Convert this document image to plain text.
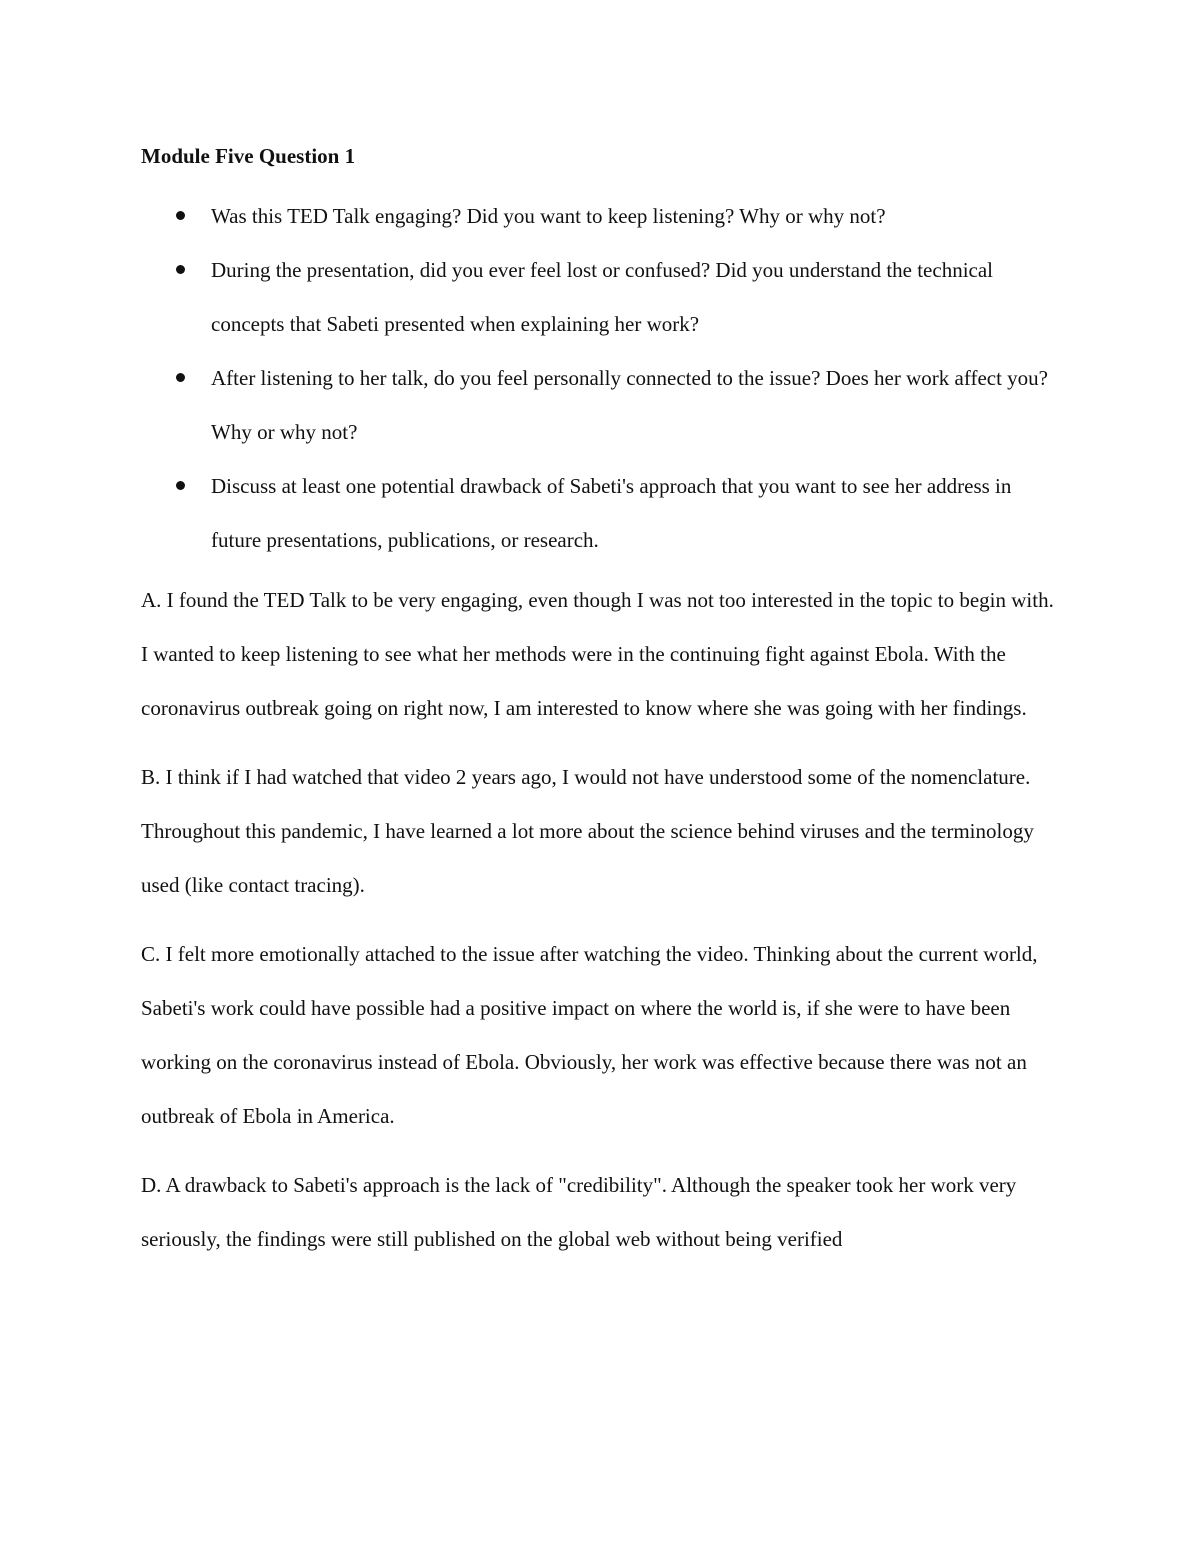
Module Five Question 1
Was this TED Talk engaging? Did you want to keep listening? Why or why not?
During the presentation, did you ever feel lost or confused? Did you understand the technical concepts that Sabeti presented when explaining her work?
After listening to her talk, do you feel personally connected to the issue? Does her work affect you? Why or why not?
Discuss at least one potential drawback of Sabeti's approach that you want to see her address in future presentations, publications, or research.

A. I found the TED Talk to be very engaging, even though I was not too interested in the topic to begin with. I wanted to keep listening to see what her methods were in the continuing fight against Ebola. With the coronavirus outbreak going on right now, I am interested to know where she was going with her findings.

B. I think if I had watched that video 2 years ago, I would not have understood some of the nomenclature. Throughout this pandemic, I have learned a lot more about the science behind viruses and the terminology used (like contact tracing).

C. I felt more emotionally attached to the issue after watching the video. Thinking about the current world, Sabeti's work could have possible had a positive impact on where the world is, if she were to have been working on the coronavirus instead of Ebola. Obviously, her work was effective because there was not an outbreak of Ebola in America.

D. A drawback to Sabeti's approach is the lack of "credibility". Although the speaker took her work very seriously, the findings were still published on the global web without being verified
